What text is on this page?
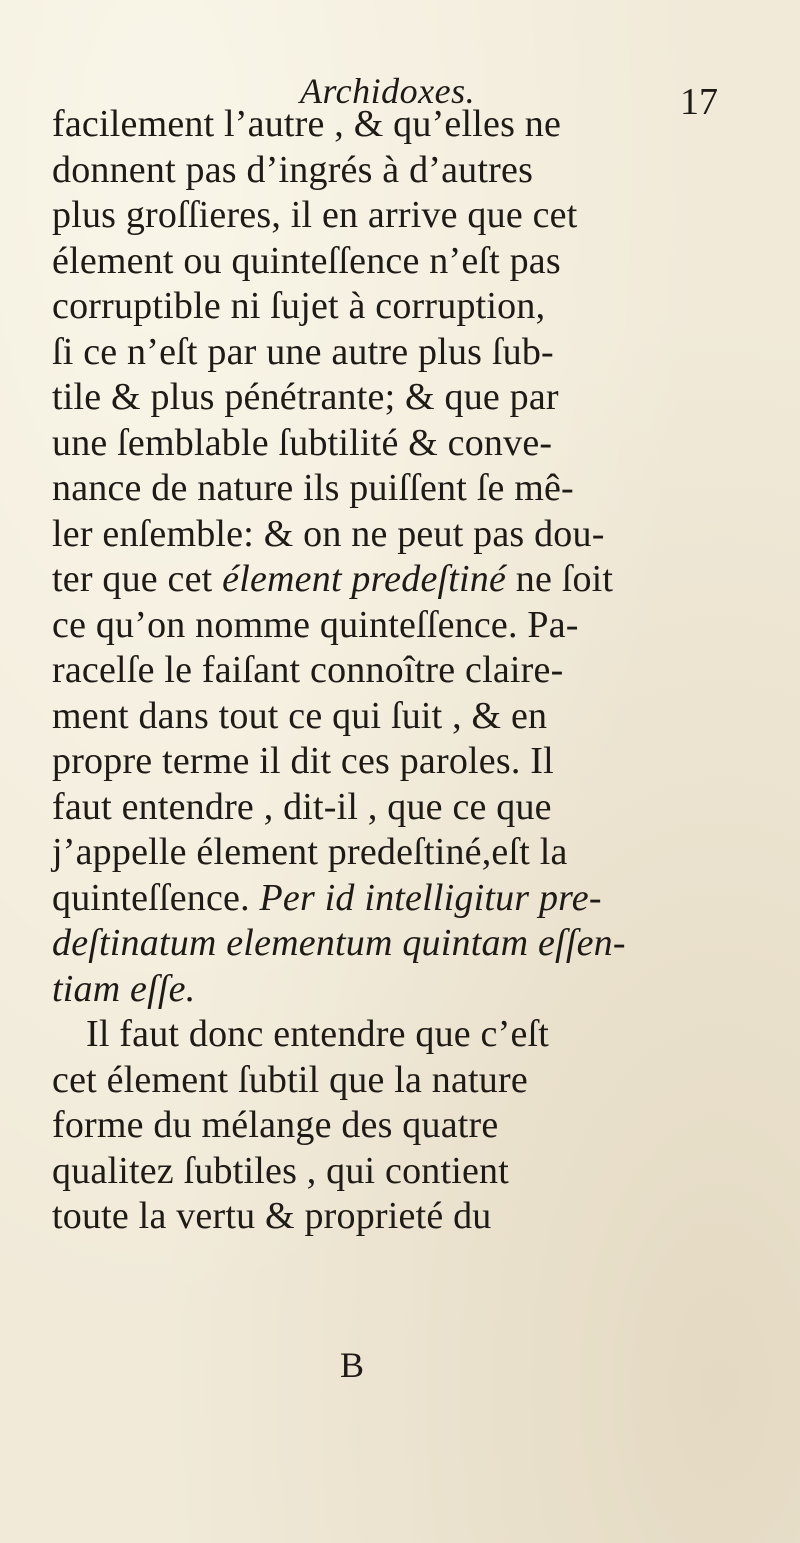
Archidoxes.	17
facilement l’autre , & qu’elles ne
donnent pas d’ingrés à d’autres
plus groſſieres, il en arrive que cet
élement ou quinteſſence n’eſt pas
corruptible ni ſujet à corruption,
ſi ce n’eſt par une autre plus ſub-
tile & plus pénétrante; & que par
une ſemblable ſubtilité & conve-
nance de nature ils puiſſent ſe mê-
ler enſemble: & on ne peut pas dou-
ter que cet élement predeſtiné ne ſoit
ce qu’on nomme quinteſſence. Pa-
racelſe le faiſant connoître claire-
ment dans tout ce qui ſuit , & en
propre terme il dit ces paroles. Il
faut entendre , dit-il , que ce que
j’appelle élement predeſtiné,eſt la
quinteſſence. Per id intelligitur pre-
deſtinatum elementum quintam eſſen-
tiam eſſe.
Il faut donc entendre que c’eſt
cet élement ſubtil que la nature
forme du mélange des quatre
qualitez ſubtiles , qui contient
toute la vertu & proprieté du
B
